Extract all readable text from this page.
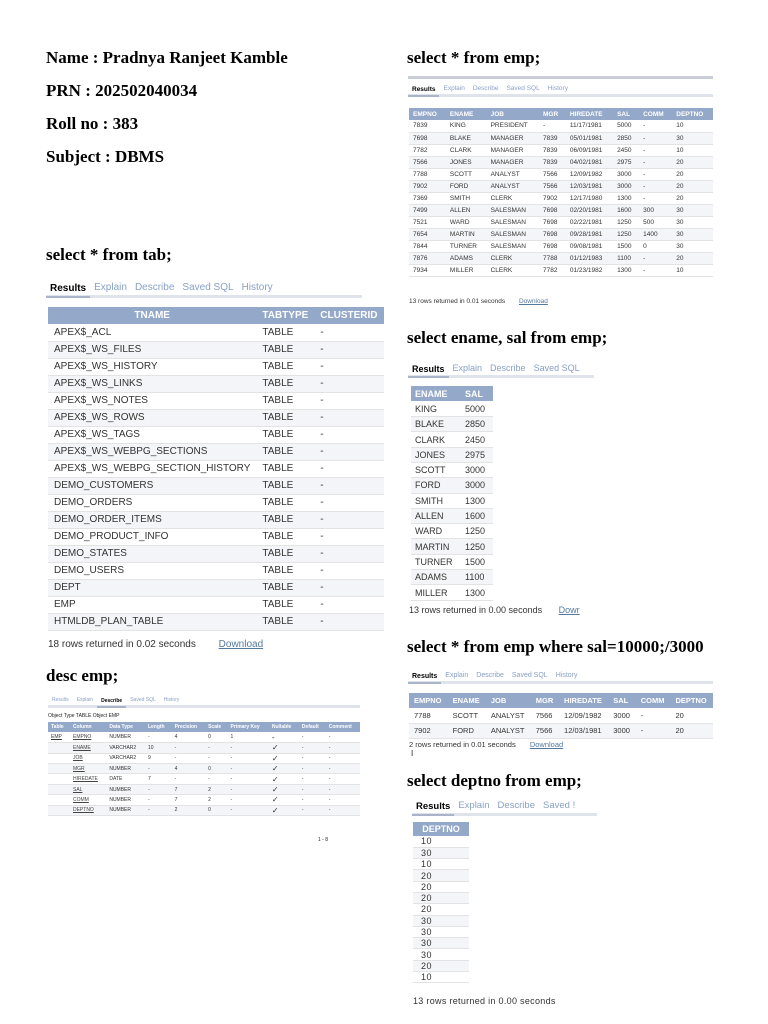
Name : Pradnya Ranjeet Kamble
PRN : 202502040034
Roll no : 383
Subject : DBMS
select * from tab;
Results Explain Describe Saved SQL History
TNAME	TABTYPE	CLUSTERID
APEX$_ACL	TABLE	-
APEX$_WS_FILES	TABLE	-
APEX$_WS_HISTORY	TABLE	-
APEX$_WS_LINKS	TABLE	-
APEX$_WS_NOTES	TABLE	-
APEX$_WS_ROWS	TABLE	-
APEX$_WS_TAGS	TABLE	-
APEX$_WS_WEBPG_SECTIONS	TABLE	-
APEX$_WS_WEBPG_SECTION_HISTORY	TABLE	-
DEMO_CUSTOMERS	TABLE	-
DEMO_ORDERS	TABLE	-
DEMO_ORDER_ITEMS	TABLE	-
DEMO_PRODUCT_INFO	TABLE	-
DEMO_STATES	TABLE	-
DEMO_USERS	TABLE	-
DEPT	TABLE	-
EMP	TABLE	-
HTMLDB_PLAN_TABLE	TABLE	-
18 rows returned in 0.02 seconds Download
desc emp;
Results	Explain	Describe	Saved SQL	History
Object Type TABLE Object EMP
Table	Column	Data Type	Length	Precision	Scale	Primary Key	Nullable	Default	Comment
EMP	EMPNO	NUMBER	-	4	0	1	-	-	-
	ENAME	VARCHAR2	10	-	-	-	✓	-	-
	JOB	VARCHAR2	9	-	-	-	✓	-	-
	MGR	NUMBER	-	4	0	-	✓	-	-
	HIREDATE	DATE	7	-	-	-	✓	-	-
	SAL	NUMBER	-	7	2	-	✓	-	-
	COMM	NUMBER	-	7	2	-	✓	-	-
	DEPTNO	NUMBER	-	2	0	-	✓	-	-
1 - 8
select * from emp;
Results	Explain	Describe	Saved SQL	History
EMPNO	ENAME	JOB	MGR	HIREDATE	SAL	COMM	DEPTNO
7839	KING	PRESIDENT	-	11/17/1981	5000	-	10
7698	BLAKE	MANAGER	7839	05/01/1981	2850	-	30
7782	CLARK	MANAGER	7839	06/09/1981	2450	-	10
7566	JONES	MANAGER	7839	04/02/1981	2975	-	20
7788	SCOTT	ANALYST	7566	12/09/1982	3000	-	20
7902	FORD	ANALYST	7566	12/03/1981	3000	-	20
7369	SMITH	CLERK	7902	12/17/1980	1300	-	20
7499	ALLEN	SALESMAN	7698	02/20/1981	1600	300	30
7521	WARD	SALESMAN	7698	02/22/1981	1250	500	30
7654	MARTIN	SALESMAN	7698	09/28/1981	1250	1400	30
7844	TURNER	SALESMAN	7698	09/08/1981	1500	0	30
7876	ADAMS	CLERK	7788	01/12/1983	1100	-	20
7934	MILLER	CLERK	7782	01/23/1982	1300	-	10
13 rows returned in 0.01 seconds Download
select ename, sal from emp;
Results Explain Describe Saved SQL
ENAME	SAL
KING	5000
BLAKE	2850
CLARK	2450
JONES	2975
SCOTT	3000
FORD	3000
SMITH	1300
ALLEN	1600
WARD	1250
MARTIN	1250
TURNER	1500
ADAMS	1100
MILLER	1300
13 rows returned in 0.00 seconds Dowr
select * from emp where sal=10000;/3000
Results	Explain	Describe	Saved SQL	History
EMPNO	ENAME	JOB	MGR	HIREDATE	SAL	COMM	DEPTNO
7788	SCOTT	ANALYST	7566	12/09/1982	3000	-	20
7902	FORD	ANALYST	7566	12/03/1981	3000	-	20
2 rows returned in 0.01 seconds Download
I
select deptno from emp;
Results Explain Describe Saved !
DEPTNO
10
30
10
20
20
20
20
30
30
30
30
20
10
13 rows returned in 0.00 seconds
